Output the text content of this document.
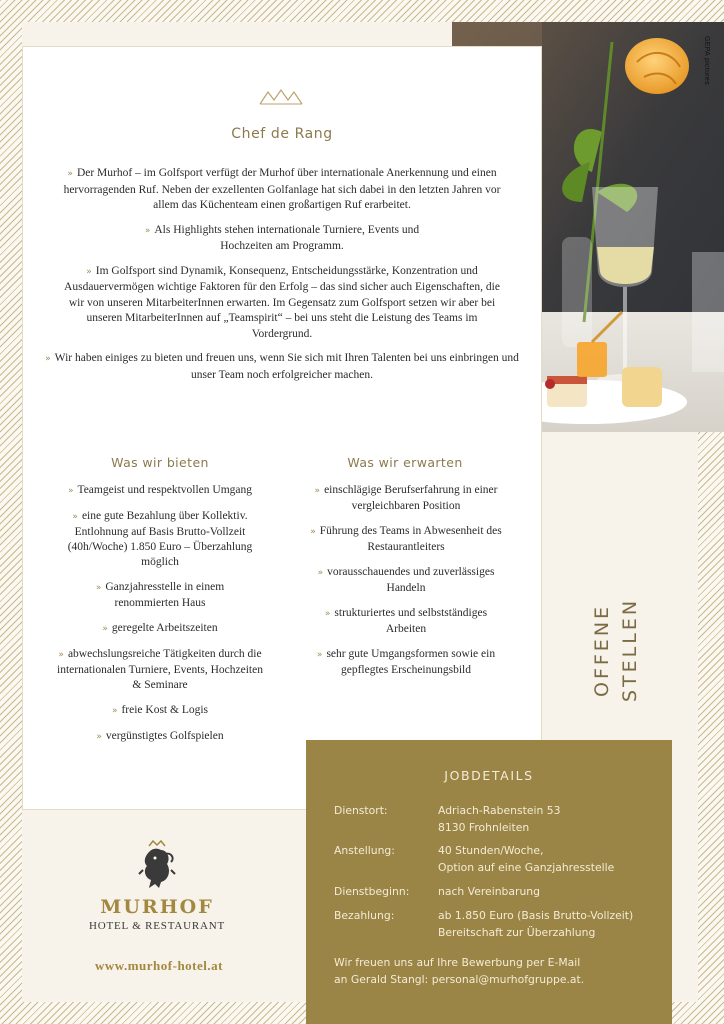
GEPA pictures
Chef de Rang

» Der Murhof – im Golfsport verfügt der Murhof über internationale Anerkennung und einen hervorragenden Ruf. Neben der exzellenten Golfanlage hat sich dabei in den letzten Jahren vor allem das Küchenteam einen großartigen Ruf erarbeitet.

» Als Highlights stehen internationale Turniere, Events und Hochzeiten am Programm.

» Im Golfsport sind Dynamik, Konsequenz, Entscheidungsstärke, Konzentration und Ausdauervermögen wichtige Faktoren für den Erfolg – das sind sicher auch Eigenschaften, die wir von unseren MitarbeiterInnen erwarten. Im Gegensatz zum Golfsport setzen wir aber bei unseren MitarbeiterInnen auf „Teamspirit“ – bei uns steht die Leistung des Teams im Vordergrund.

» Wir haben einiges zu bieten und freuen uns, wenn Sie sich mit Ihren Talenten bei uns einbringen und unser Team noch erfolgreicher machen.

Was wir bieten
» Teamgeist und respektvollen Umgang
» eine gute Bezahlung über Kollektiv. Entlohnung auf Basis Brutto-Vollzeit (40h/Woche) 1.850 Euro – Überzahlung möglich
» Ganzjahresstelle in einem renommierten Haus
» geregelte Arbeitszeiten
» abwechslungsreiche Tätigkeiten durch die internationalen Turniere, Events, Hochzeiten & Seminare
» freie Kost & Logis
» vergünstigtes Golfspielen
Was wir erwarten
» einschlägige Berufserfahrung in einer vergleichbaren Position
» Führung des Teams in Abwesenheit des Restaurantleiters
» vorausschauendes und zuverlässiges Handeln
» strukturiertes und selbstständiges Arbeiten
» sehr gute Umgangsformen sowie ein gepflegtes Erscheinungsbild	OFFENE STELLEN
JOBDETAILS
Dienstort:	Adriach-Rabenstein 53
8130 Frohnleiten
Anstellung:	40 Stunden/Woche,
Option auf eine Ganzjahresstelle
Dienstbeginn:	nach Vereinbarung
Bezahlung:	ab 1.850 Euro (Basis Brutto-Vollzeit)
Bereitschaft zur Überzahlung
Wir freuen uns auf Ihre Bewerbung per E-Mail
an Gerald Stangl: personal@murhofgruppe.at.
MURHOF
HOTEL & RESTAURANT
www.murhof-hotel.at
